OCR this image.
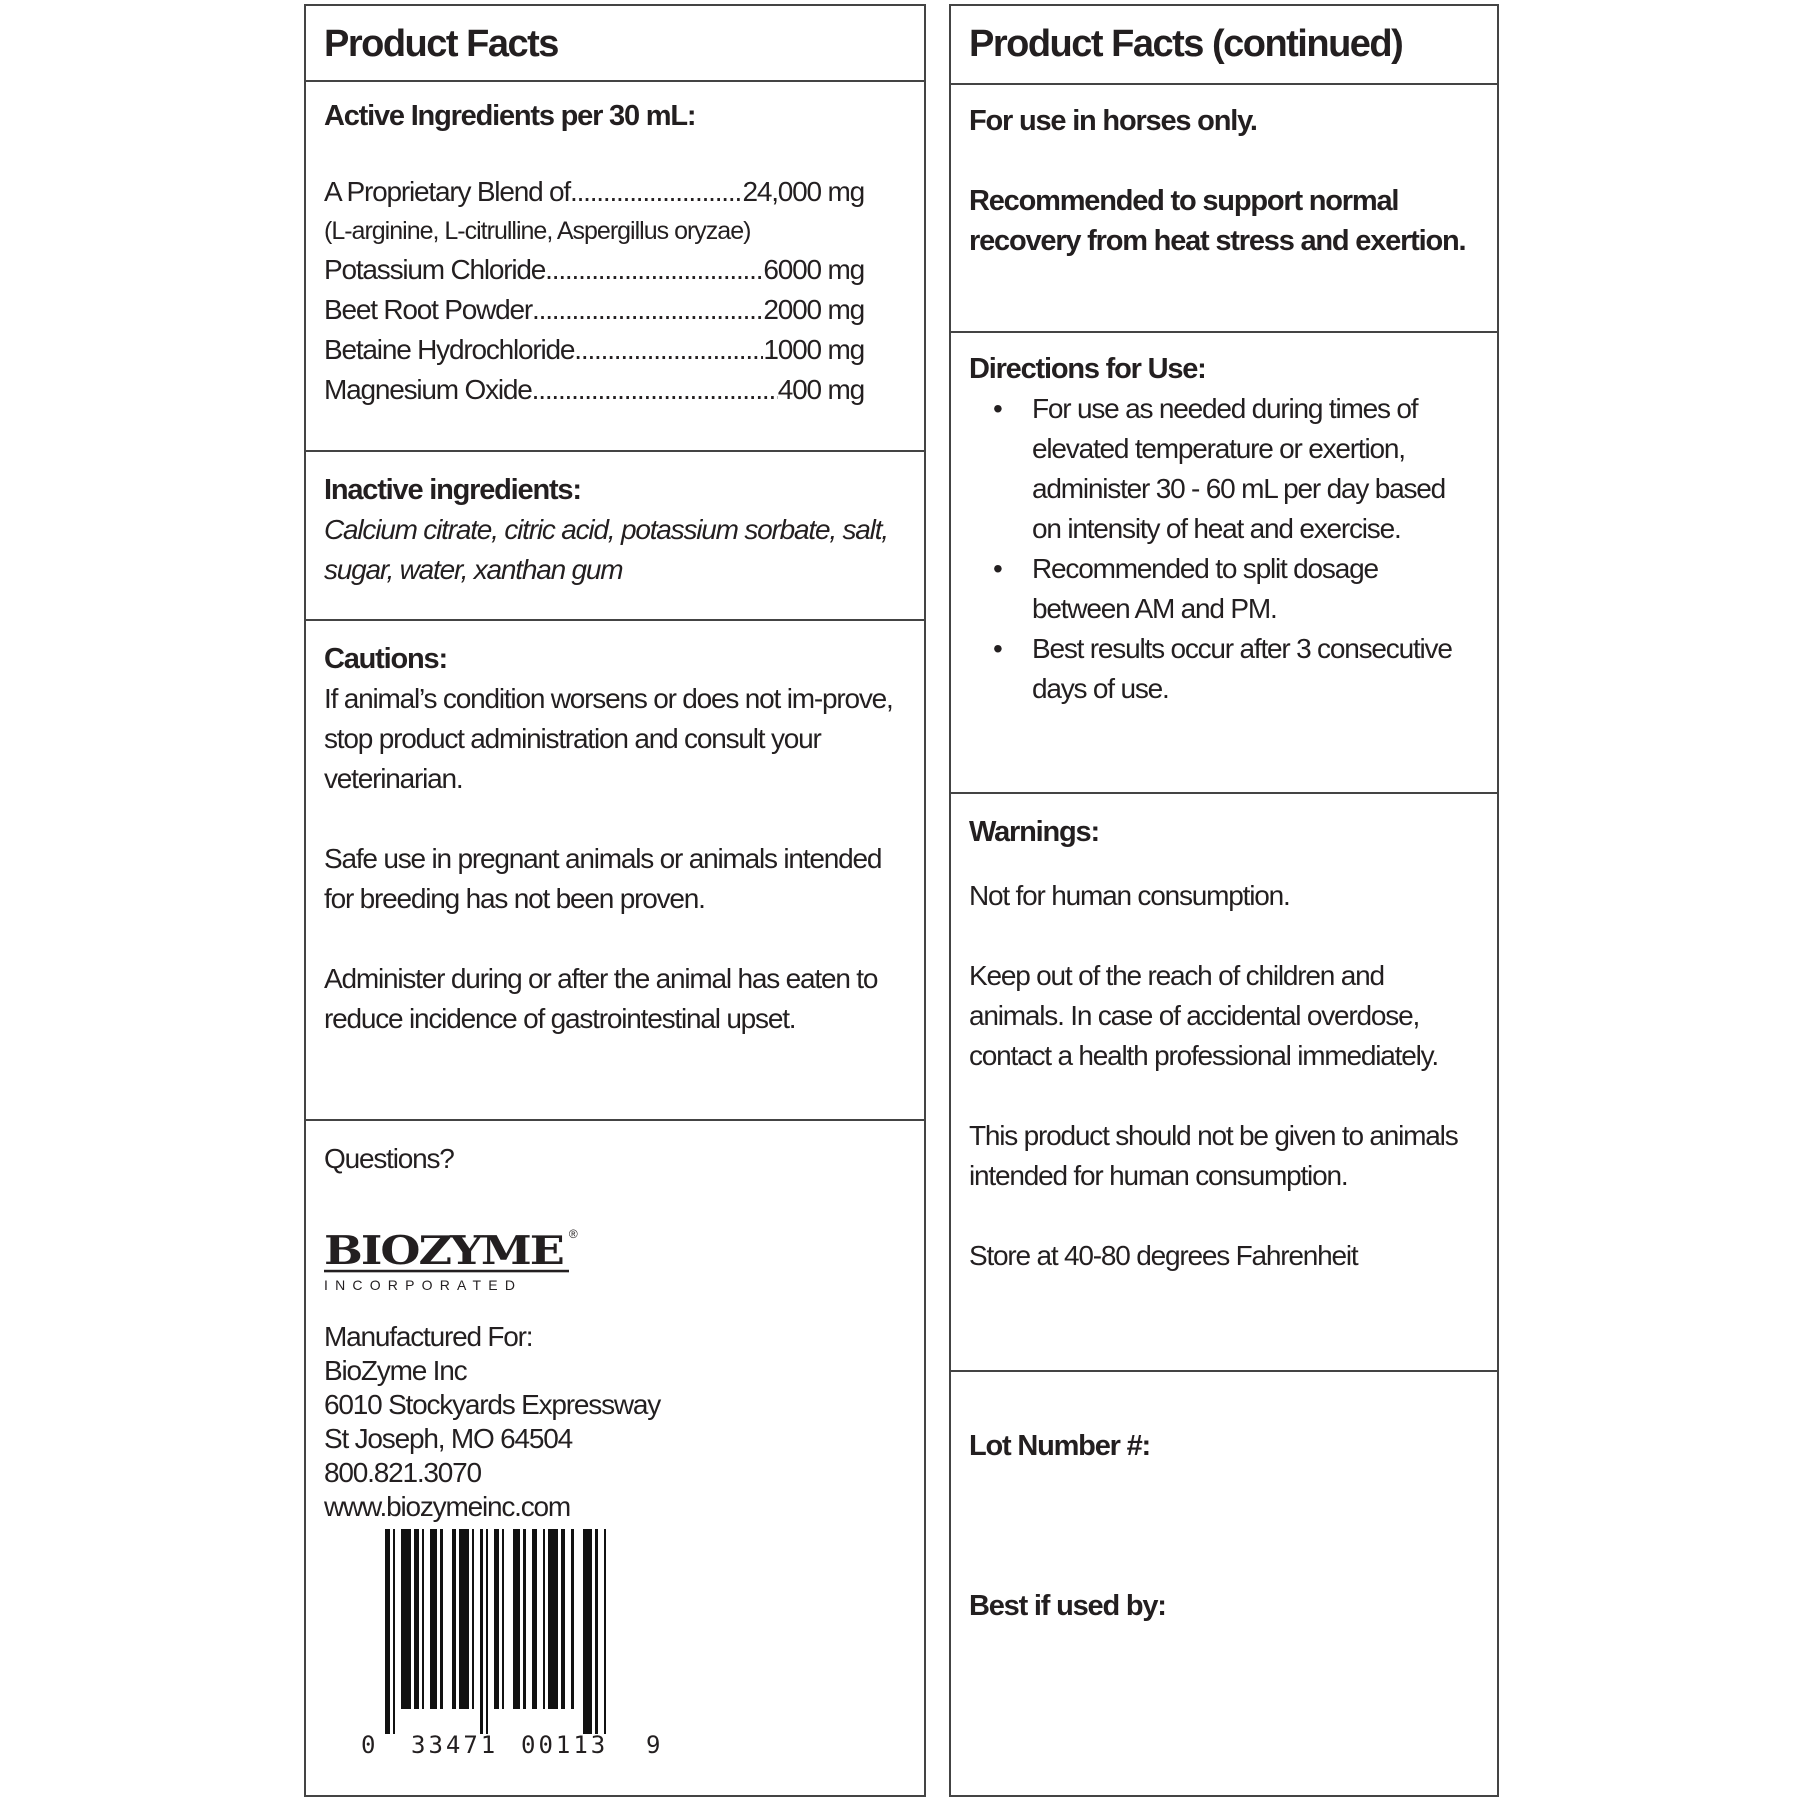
Product Facts
Active Ingredients per 30 mL:
A Proprietary Blend of .....	24,000 mg
(L-arginine, L-citrulline, Aspergillus oryzae)
Potassium Chloride .....	6000 mg
Beet Root Powder .....	2000 mg
Betaine Hydrochloride .....	1000 mg
Magnesium Oxide .....	400 mg
Inactive ingredients:
Calcium citrate, citric acid, potassium sorbate, salt, sugar, water, xanthan gum
Cautions:
If animal’s condition worsens or does not im-prove, stop product administration and consult your veterinarian.
Safe use in pregnant animals or animals intended for breeding has not been proven.
Administer during or after the animal has eaten to reduce incidence of gastrointestinal upset.
Questions?
BIOZYME ®
INCORPORATED
Manufactured For:
BioZyme Inc
6010 Stockyards Expressway
St Joseph, MO 64504
800.821.3070
www.biozymeinc.com
0 33471 00113 9
Product Facts (continued)
For use in horses only.
Recommended to support normal recovery from heat stress and exertion.
Directions for Use:
• For use as needed during times of elevated temperature or exertion, administer 30 - 60 mL per day based on intensity of heat and exercise.
• Recommended to split dosage between AM and PM.
• Best results occur after 3 consecutive days of use.
Warnings:
Not for human consumption.
Keep out of the reach of children and animals. In case of accidental overdose, contact a health professional immediately.
This product should not be given to animals intended for human consumption.
Store at 40-80 degrees Fahrenheit
Lot Number #:
Best if used by:
